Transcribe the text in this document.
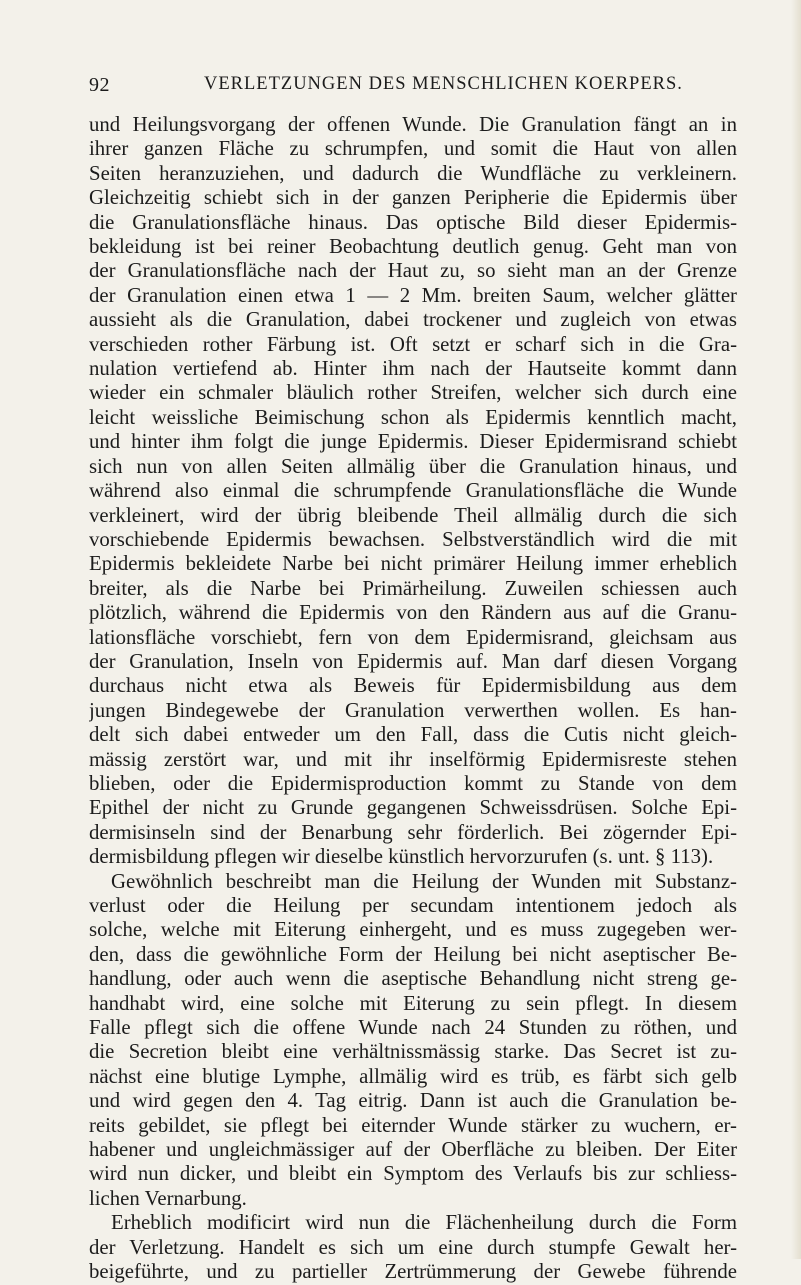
92	VERLETZUNGEN DES MENSCHLICHEN KOERPERS.
und Heilungsvorgang der offenen Wunde. Die Granulation fängt an in
ihrer ganzen Fläche zu schrumpfen, und somit die Haut von allen
Seiten heranzuziehen, und dadurch die Wundfläche zu verkleinern.
Gleichzeitig schiebt sich in der ganzen Peripherie die Epidermis über
die Granulationsfläche hinaus. Das optische Bild dieser Epidermis-
bekleidung ist bei reiner Beobachtung deutlich genug. Geht man von
der Granulationsfläche nach der Haut zu, so sieht man an der Grenze
der Granulation einen etwa 1 — 2 Mm. breiten Saum, welcher glätter
aussieht als die Granulation, dabei trockener und zugleich von etwas
verschieden rother Färbung ist. Oft setzt er scharf sich in die Gra-
nulation vertiefend ab. Hinter ihm nach der Hautseite kommt dann
wieder ein schmaler bläulich rother Streifen, welcher sich durch eine
leicht weissliche Beimischung schon als Epidermis kenntlich macht,
und hinter ihm folgt die junge Epidermis. Dieser Epidermisrand schiebt
sich nun von allen Seiten allmälig über die Granulation hinaus, und
während also einmal die schrumpfende Granulationsfläche die Wunde
verkleinert, wird der übrig bleibende Theil allmälig durch die sich
vorschiebende Epidermis bewachsen. Selbstverständlich wird die mit
Epidermis bekleidete Narbe bei nicht primärer Heilung immer erheblich
breiter, als die Narbe bei Primärheilung. Zuweilen schiessen auch
plötzlich, während die Epidermis von den Rändern aus auf die Granu-
lationsfläche vorschiebt, fern von dem Epidermisrand, gleichsam aus
der Granulation, Inseln von Epidermis auf. Man darf diesen Vorgang
durchaus nicht etwa als Beweis für Epidermisbildung aus dem
jungen Bindegewebe der Granulation verwerthen wollen. Es han-
delt sich dabei entweder um den Fall, dass die Cutis nicht gleich-
mässig zerstört war, und mit ihr inselförmig Epidermisreste stehen
blieben, oder die Epidermisproduction kommt zu Stande von dem
Epithel der nicht zu Grunde gegangenen Schweissdrüsen. Solche Epi-
dermisinseln sind der Benarbung sehr förderlich. Bei zögernder Epi-
dermisbildung pflegen wir dieselbe künstlich hervorzurufen (s. unt. § 113).
Gewöhnlich beschreibt man die Heilung der Wunden mit Substanz-
verlust oder die Heilung per secundam intentionem jedoch als
solche, welche mit Eiterung einhergeht, und es muss zugegeben wer-
den, dass die gewöhnliche Form der Heilung bei nicht aseptischer Be-
handlung, oder auch wenn die aseptische Behandlung nicht streng ge-
handhabt wird, eine solche mit Eiterung zu sein pflegt. In diesem
Falle pflegt sich die offene Wunde nach 24 Stunden zu röthen, und
die Secretion bleibt eine verhältnissmässig starke. Das Secret ist zu-
nächst eine blutige Lymphe, allmälig wird es trüb, es färbt sich gelb
und wird gegen den 4. Tag eitrig. Dann ist auch die Granulation be-
reits gebildet, sie pflegt bei eiternder Wunde stärker zu wuchern, er-
habener und ungleichmässiger auf der Oberfläche zu bleiben. Der Eiter
wird nun dicker, und bleibt ein Symptom des Verlaufs bis zur schliess-
lichen Vernarbung.
Erheblich modificirt wird nun die Flächenheilung durch die Form
der Verletzung. Handelt es sich um eine durch stumpfe Gewalt her-
beigeführte, und zu partieller Zertrümmerung der Gewebe führende
